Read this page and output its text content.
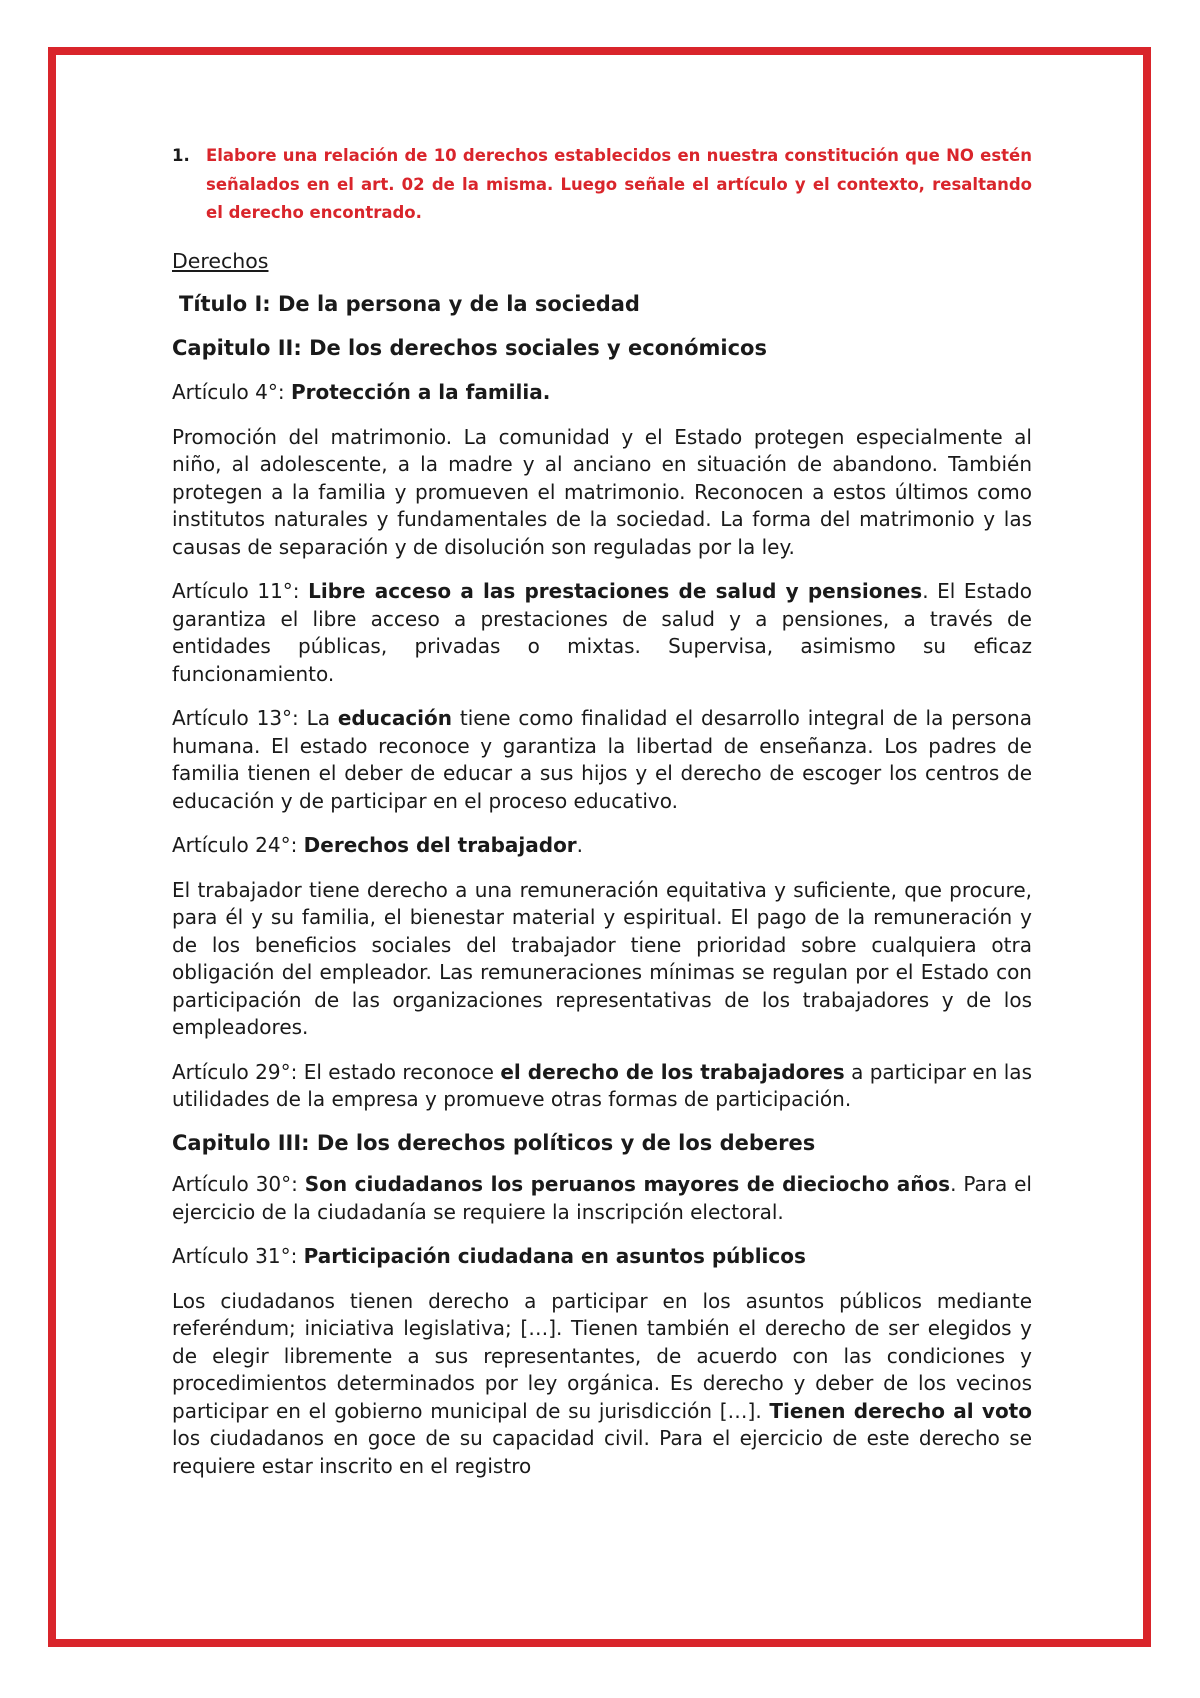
1. Elabore una relación de 10 derechos establecidos en nuestra constitución que NO estén señalados en el art. 02 de la misma. Luego señale el artículo y el contexto, resaltando el derecho encontrado.

Derechos

Título I: De la persona y de la sociedad

Capitulo II: De los derechos sociales y económicos

Artículo 4°: Protección a la familia.

Promoción del matrimonio. La comunidad y el Estado protegen especialmente al niño, al adolescente, a la madre y al anciano en situación de abandono. También protegen a la familia y promueven el matrimonio. Reconocen a estos últimos como institutos naturales y fundamentales de la sociedad. La forma del matrimonio y las causas de separación y de disolución son reguladas por la ley.

Artículo 11°: Libre acceso a las prestaciones de salud y pensiones. El Estado garantiza el libre acceso a prestaciones de salud y a pensiones, a través de entidades públicas, privadas o mixtas. Supervisa, asimismo su eficaz funcionamiento.

Artículo 13°: La educación tiene como finalidad el desarrollo integral de la persona humana. El estado reconoce y garantiza la libertad de enseñanza. Los padres de familia tienen el deber de educar a sus hijos y el derecho de escoger los centros de educación y de participar en el proceso educativo.

Artículo 24°: Derechos del trabajador.

El trabajador tiene derecho a una remuneración equitativa y suficiente, que procure, para él y su familia, el bienestar material y espiritual. El pago de la remuneración y de los beneficios sociales del trabajador tiene prioridad sobre cualquiera otra obligación del empleador. Las remuneraciones mínimas se regulan por el Estado con participación de las organizaciones representativas de los trabajadores y de los empleadores.

Artículo 29°: El estado reconoce el derecho de los trabajadores a participar en las utilidades de la empresa y promueve otras formas de participación.

Capitulo III: De los derechos políticos y de los deberes

Artículo 30°: Son ciudadanos los peruanos mayores de dieciocho años. Para el ejercicio de la ciudadanía se requiere la inscripción electoral.

Artículo 31°: Participación ciudadana en asuntos públicos

Los ciudadanos tienen derecho a participar en los asuntos públicos mediante referéndum; iniciativa legislativa; […]. Tienen también el derecho de ser elegidos y de elegir libremente a sus representantes, de acuerdo con las condiciones y procedimientos determinados por ley orgánica. Es derecho y deber de los vecinos participar en el gobierno municipal de su jurisdicción […]. Tienen derecho al voto los ciudadanos en goce de su capacidad civil. Para el ejercicio de este derecho se requiere estar inscrito en el registro
